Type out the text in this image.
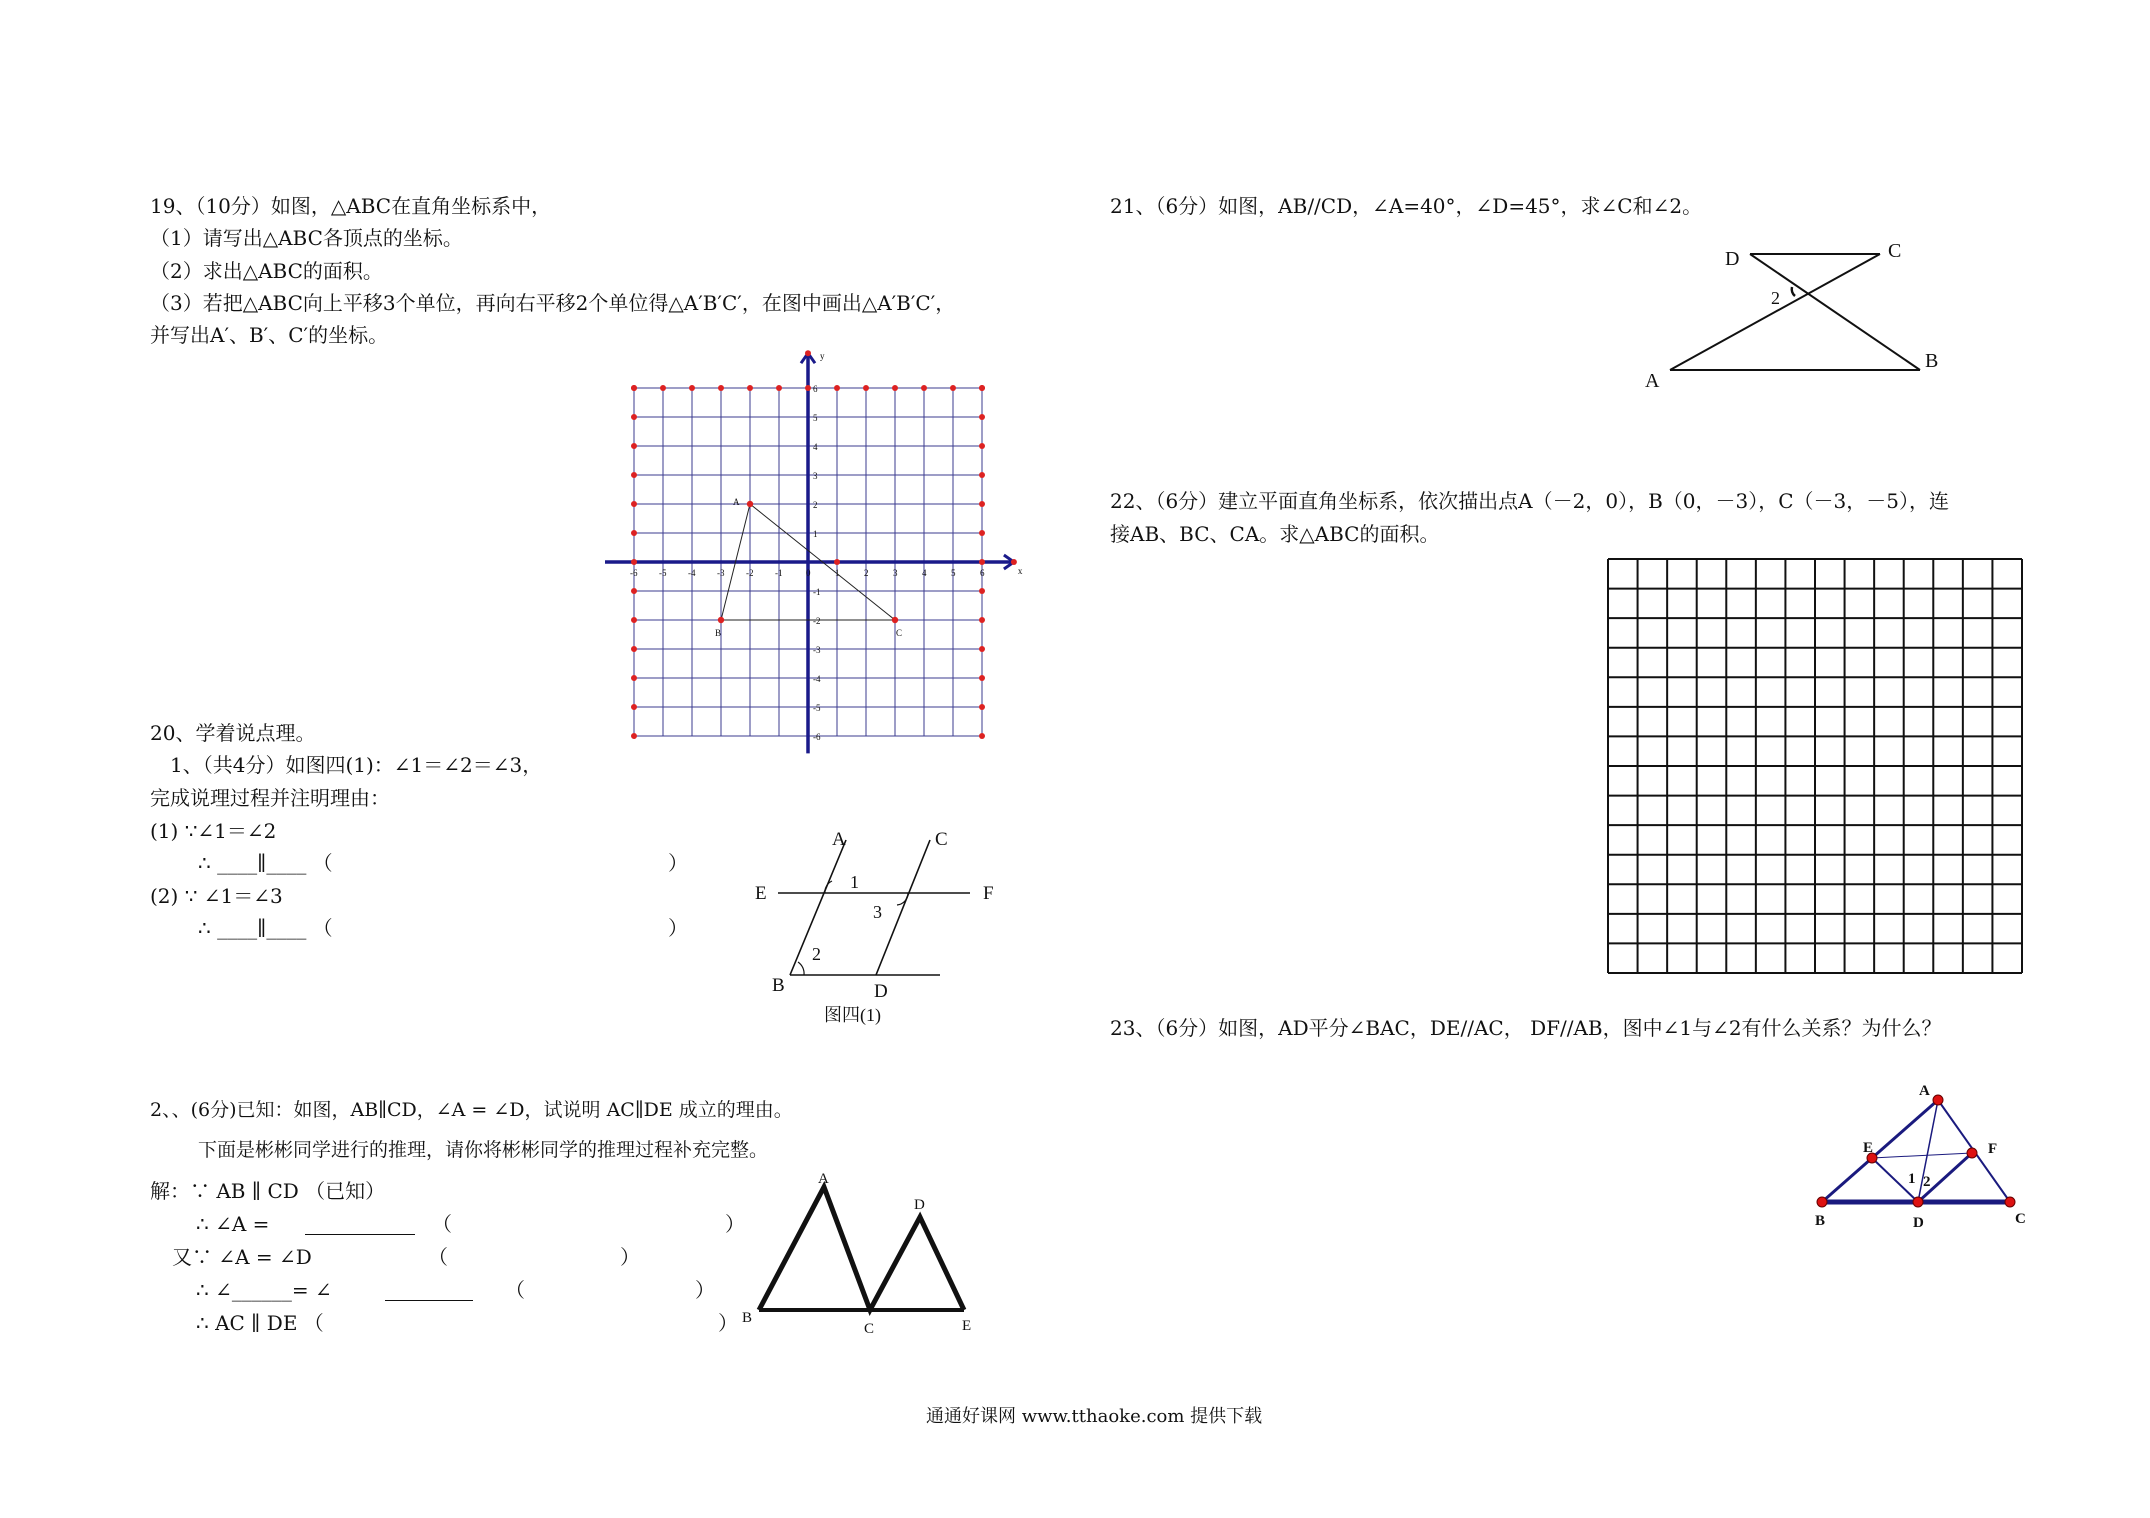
19、（10分）如图，△ABC在直角坐标系中，
（1）请写出△ABC各顶点的坐标。
（2）求出△ABC的面积。
（3）若把△ABC向上平移3个单位，再向右平移2个单位得△A′B′C′，在图中画出△A′B′C′，
并写出A′、B′、C′的坐标。
-6 -5 -4 -3 -2 -1	0	1	2	3	4	5	6
6
5
4
3
2
1
-1
-2
-3
-4
-5
-6
x
y
A
B	C
20、学着说点理。
1、（共4分）如图四(1)：∠1＝∠2＝∠3，
完成说理过程并注明理由：
(1) ∵∠1＝∠2
∴ ____∥____ （	）
(2) ∵ ∠1＝∠3
∴ ____∥____ （	）
A	C
E	F
1
3
2
B	D
图四(1)
2、、(6分)已知：如图，AB∥CD，∠A = ∠D，试说明 AC∥DE 成立的理由。
下面是彬彬同学进行的推理，请你将彬彬同学的推理过程补充完整。
解：∵ AB ∥ CD （已知）
∴ ∠A =	（	）
又∵ ∠A = ∠D	（	）
∴ ∠______= ∠	（	）
∴ AC ∥ DE （	）
A
D
B
C	E
21、（6分）如图，AB//CD，∠A=40°，∠D=45°，求∠C和∠2。
D	C
2
A
B
22、（6分）建立平面直角坐标系，依次描出点A（－2，0），B（0，－3），C（－3，－5），连
接AB、BC、CA。求△ABC的面积。
23、（6分）如图，AD平分∠BAC，DE//AC， DF//AB，图中∠1与∠2有什么关系？为什么？
A
E	F
1 2
B	D	C
通通好课网 www.tthaoke.com 提供下载
